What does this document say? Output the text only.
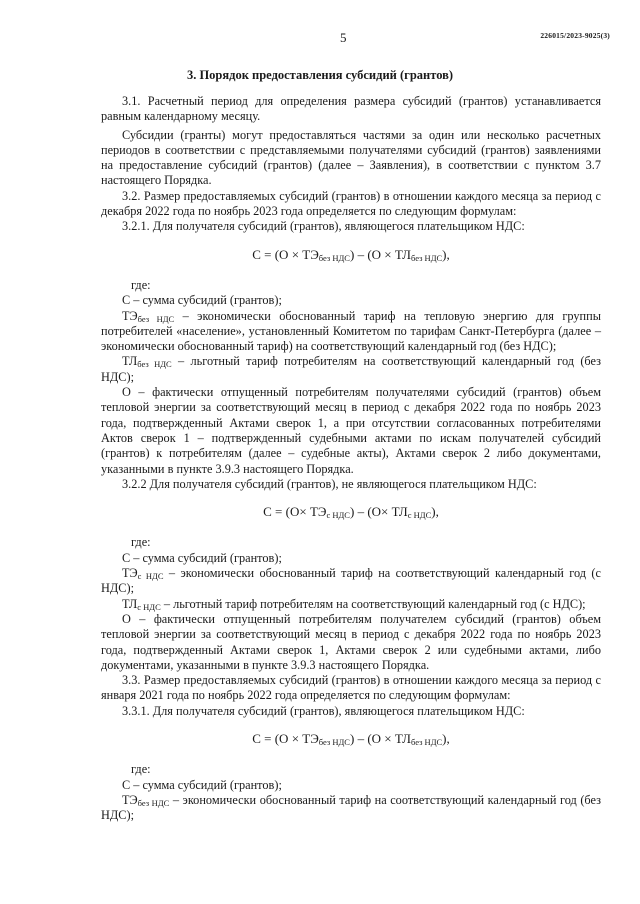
5	226015/2023-9025(3)
3. Порядок предоставления субсидий (грантов)

3.1. Расчетный период для определения размера субсидий (грантов) устанавливается равным календарному месяцу.

Субсидии (гранты) могут предоставляться частями за один или несколько расчетных периодов в соответствии с представляемыми получателями субсидий (грантов) заявлениями на предоставление субсидий (грантов) (далее – Заявления), в соответствии с пунктом 3.7 настоящего Порядка.

3.2. Размер предоставляемых субсидий (грантов) в отношении каждого месяца за период с декабря 2022 года по ноябрь 2023 года определяется по следующим формулам:

3.2.1. Для получателя субсидий (грантов), являющегося плательщиком НДС:

$С = (О \times ТЭ_{без НДС}) - (О \times ТЛ_{без НДС})$,

где:

С – сумма субсидий (грантов);

$ТЭ_{без НДС}$ – экономически обоснованный тариф на тепловую энергию для группы потребителей «население», установленный Комитетом по тарифам Санкт-Петербурга (далее – экономически обоснованный тариф) на соответствующий календарный год (без НДС);

$ТЛ_{без НДС}$ – льготный тариф потребителям на соответствующий календарный год (без НДС);

О – фактически отпущенный потребителям получателями субсидий (грантов) объем тепловой энергии за соответствующий месяц в период с декабря 2022 года по ноябрь 2023 года, подтвержденный Актами сверок 1, а при отсутствии согласованных потребителями Актов сверок 1 – подтвержденный судебными актами по искам получателей субсидий (грантов) к потребителям (далее – судебные акты), Актами сверок 2 либо документами, указанными в пункте 3.9.3 настоящего Порядка.

3.2.2 Для получателя субсидий (грантов), не являющегося плательщиком НДС:

$С = (О\times ТЭ_{с НДС}) - (О\times ТЛ_{с НДС})$,

где:

С – сумма субсидий (грантов);

$ТЭ_{с НДС}$ – экономически обоснованный тариф на соответствующий календарный год (с НДС);

$ТЛ_{с НДС}$ – льготный тариф потребителям на соответствующий календарный год (с НДС);

О – фактически отпущенный потребителям получателем субсидий (грантов) объем тепловой энергии за соответствующий месяц в период с декабря 2022 года по ноябрь 2023 года, подтвержденный Актами сверок 1, Актами сверок 2 или судебными актами, либо документами, указанными в пункте 3.9.3 настоящего Порядка.

3.3. Размер предоставляемых субсидий (грантов) в отношении каждого месяца за период с января 2021 года по ноябрь 2022 года определяется по следующим формулам:

3.3.1. Для получателя субсидий (грантов), являющегося плательщиком НДС:

$С = (О \times ТЭ_{без НДС}) - (О \times ТЛ_{без НДС})$,

где:

С – сумма субсидий (грантов);

$ТЭ_{без НДС}$ – экономически обоснованный тариф на соответствующий календарный год (без НДС);
